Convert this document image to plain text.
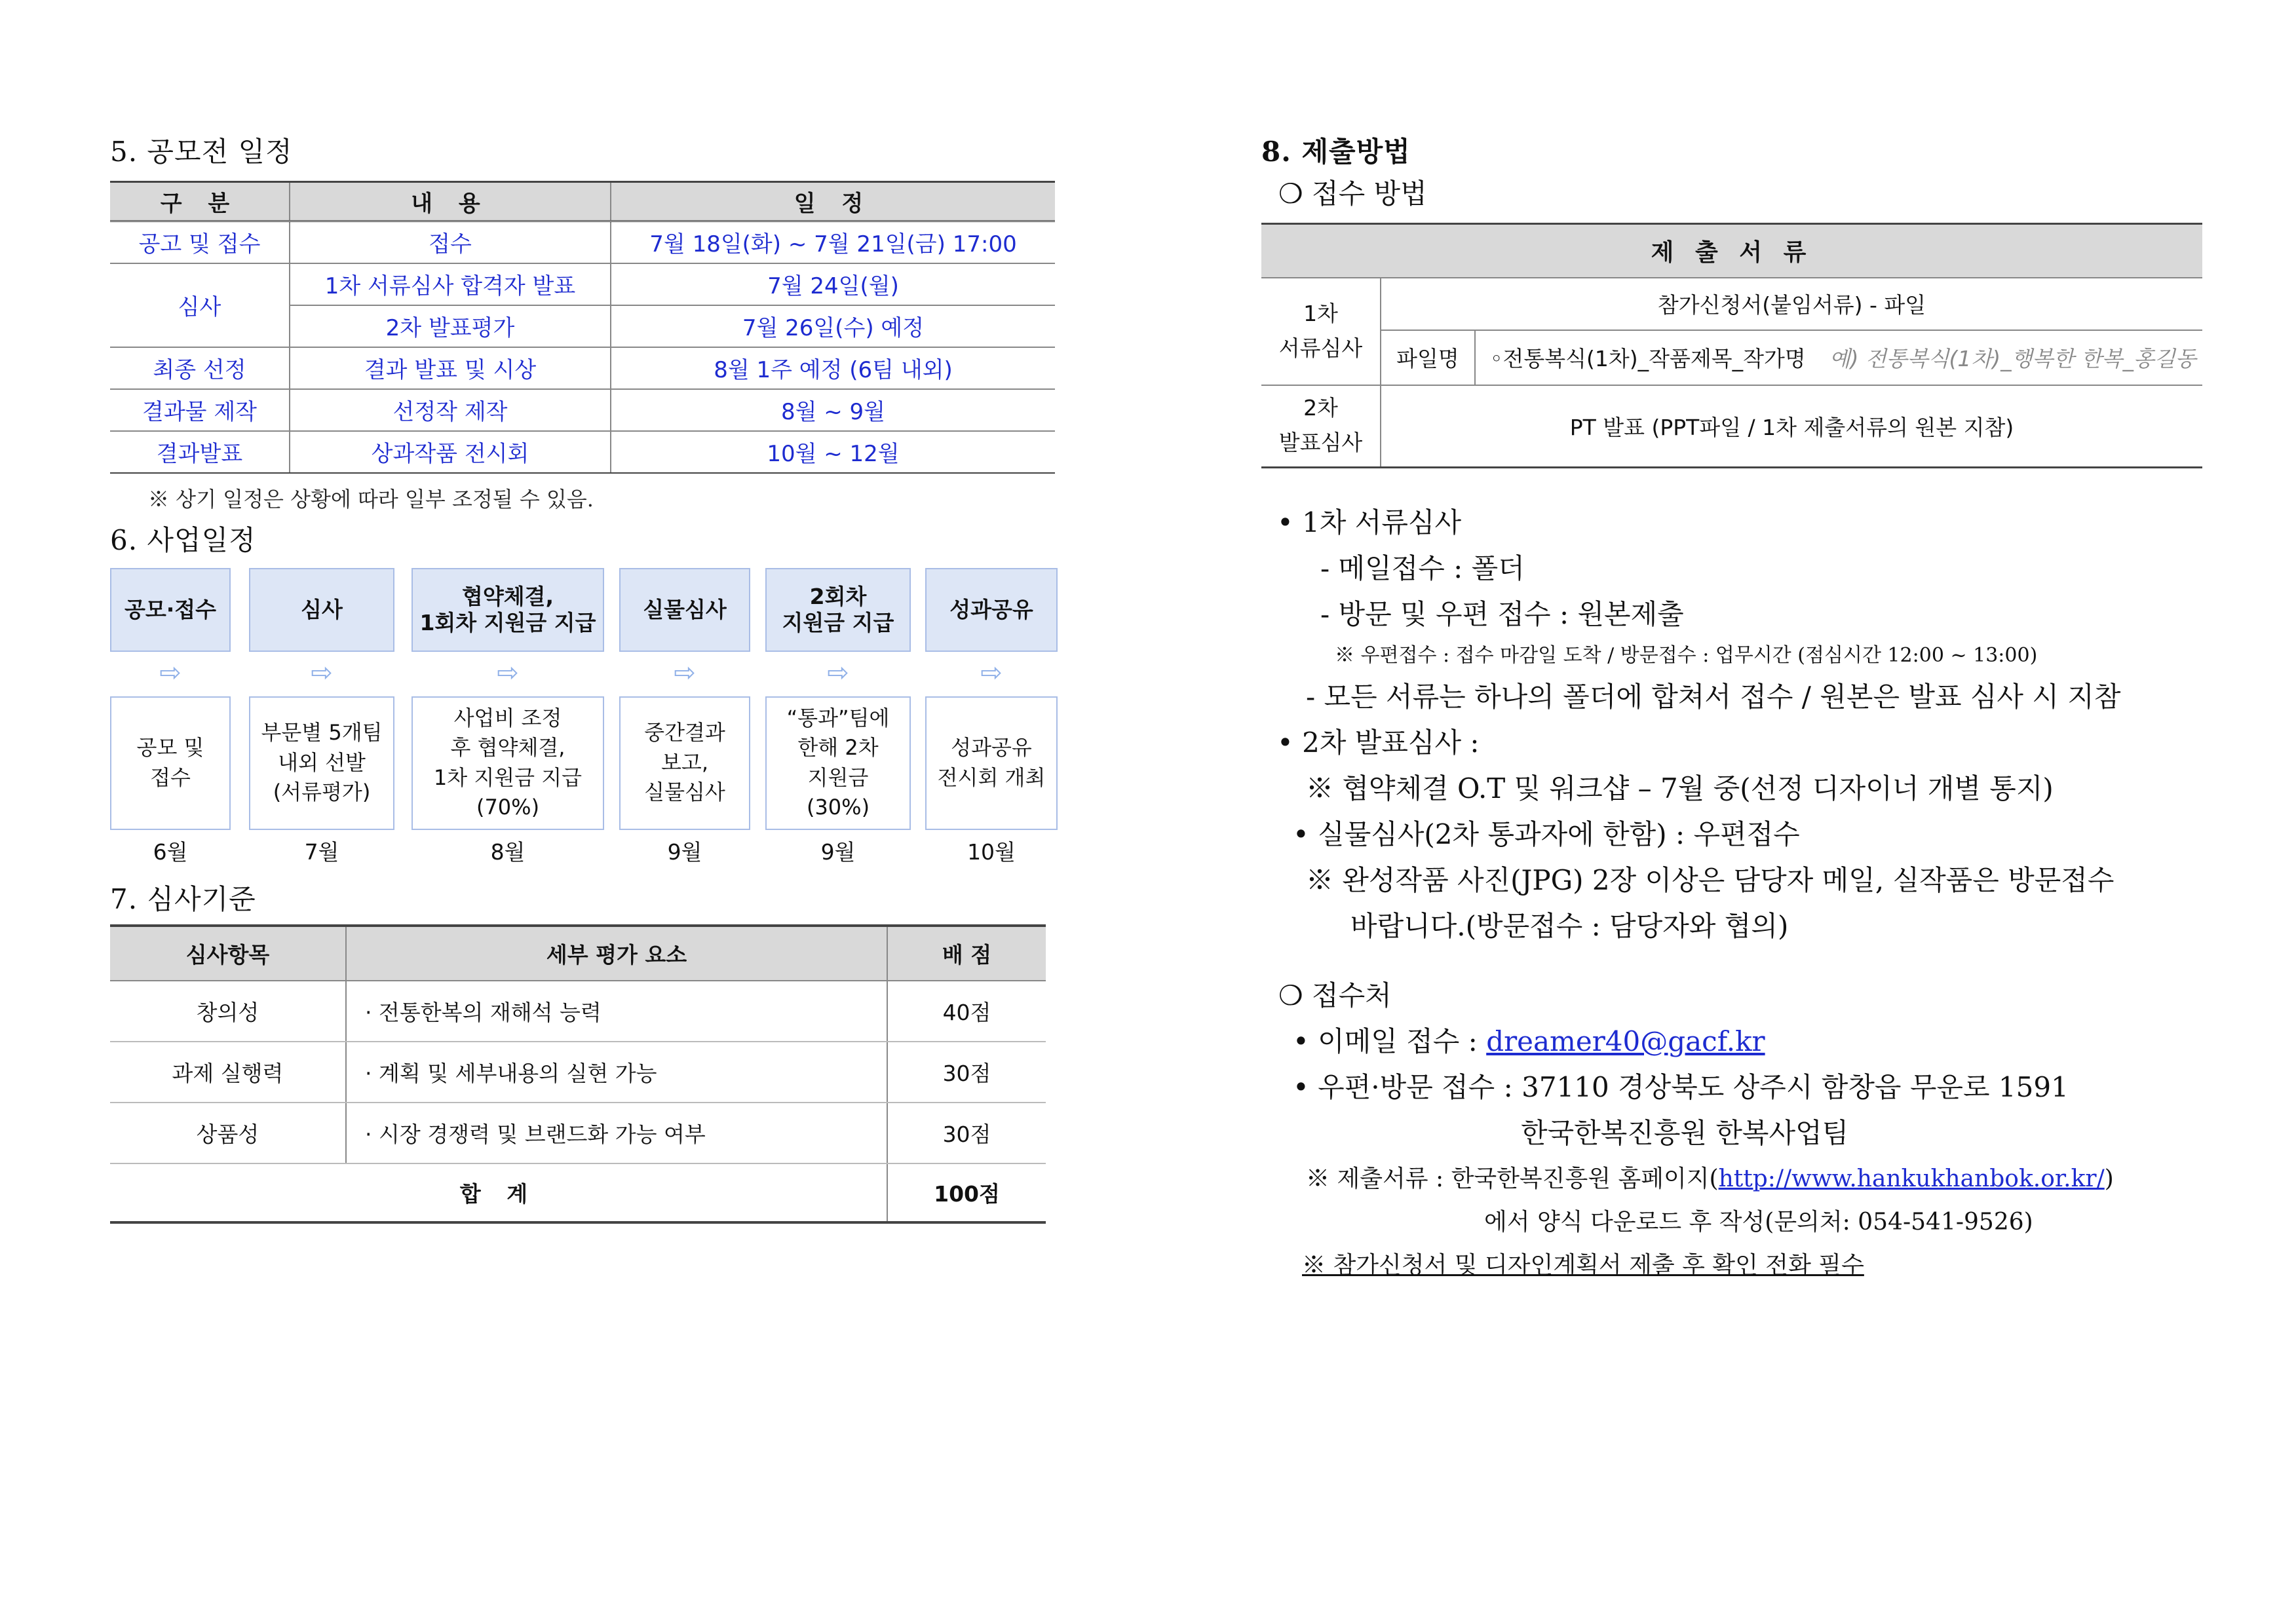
5. 공모전 일정
구 분	내 용	일 정
공고 및 접수	접수	7월 18일(화) ~ 7월 21일(금) 17:00
심사	1차 서류심사 합격자 발표	7월 24일(월)
	2차 발표평가	7월 26일(수) 예정
최종 선정	결과 발표 및 시상	8월 1주 예정 (6팀 내외)
결과물 제작	선정작 제작	8월 ~ 9월
결과발표	상과작품 전시회	10월 ~ 12월
※ 상기 일정은 상황에 따라 일부 조정될 수 있음.
6. 사업일정
공모·접수	심사
협약체결,
1회차 지원금 지급
실물심사
2회차
지원금 지급
성과공유
⇨	⇨	⇨	⇨	⇨	⇨
공모 및
접수
부문별 5개팀
내외 선발
(서류평가)
사업비 조정
후 협약체결,
1차 지원금 지급
(70%)
중간결과
보고,
실물심사
“통과”팀에
한해 2차
지원금
(30%)
성과공유
전시회 개최
6월	7월	8월	9월	9월	10월
7. 심사기준
심사항목	세부 평가 요소	배 점
창의성	· 전통한복의 재해석 능력	40점
과제 실행력	· 계획 및 세부내용의 실현 가능	30점
상품성	· 시장 경쟁력 및 브랜드화 가능 여부	30점
합 계		100점
8. 제출방법
❍ 접수 방법
제 출 서 류		
1차
서류심사	참가신청서(붙임서류) - 파일	
	파일명	◦전통복식(1차)_작품제목_작가명 예) 전통복식(1차)_행복한 한복_홍길동
2차
발표심사	PT 발표 (PPT파일 / 1차 제출서류의 원본 지참)	
• 1차 서류심사
- 메일접수 : 폴더
- 방문 및 우편 접수 : 원본제출
※ 우편접수 : 접수 마감일 도착 / 방문접수 : 업무시간 (점심시간 12:00 ~ 13:00)
- 모든 서류는 하나의 폴더에 합쳐서 접수 / 원본은 발표 심사 시 지참
• 2차 발표심사 :
※ 협약체결 O.T 및 워크샵 – 7월 중(선정 디자이너 개별 통지)
• 실물심사(2차 통과자에 한함) : 우편접수
※ 완성작품 사진(JPG) 2장 이상은 담당자 메일, 실작품은 방문접수
바랍니다.(방문접수 : 담당자와 협의)
❍ 접수처
• 이메일 접수 : dreamer40@gacf.kr
• 우편·방문 접수 : 37110 경상북도 상주시 함창읍 무운로 1591
한국한복진흥원 한복사업팀
※ 제출서류 : 한국한복진흥원 홈페이지(http://www.hankukhanbok.or.kr/)
에서 양식 다운로드 후 작성(문의처: 054-541-9526)
※ 참가신청서 및 디자인계획서 제출 후 확인 전화 필수
